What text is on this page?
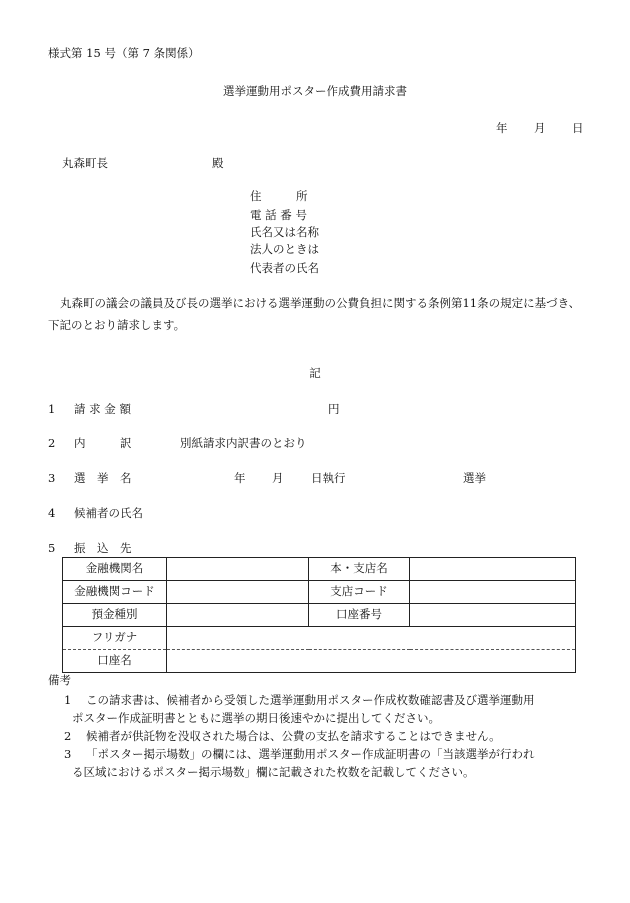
様式第 15 号（第 7 条関係）
選挙運動用ポスター作成費用請求書
年 月 日
丸森町長	殿
住　　　所
電 話 番 号
氏名又は名称
法人のときは
代表者の氏名
丸森町の議会の議員及び長の選挙における選挙運動の公費負担に関する条例第11条の規定に基づき、下記のとおり請求します。
記
1 請 求 金 額	円
2 内　　　訳	別紙請求内訳書のとおり
3 選　挙　名	年 月 日執行	選挙
4 候補者の氏名
5 振　込　先
金融機関名		本・支店名	
金融機関コード		支店コード	
預金種別		口座番号	
フリガナ			
口座名			
備考
1 この請求書は、候補者から受領した選挙運動用ポスター作成枚数確認書及び選挙運動用
ポスター作成証明書とともに選挙の期日後速やかに提出してください。
2 候補者が供託物を没収された場合は、公費の支払を請求することはできません。
3 「ポスター掲示場数」の欄には、選挙運動用ポスター作成証明書の「当該選挙が行われ
る区域におけるポスター掲示場数」欄に記載された枚数を記載してください。
